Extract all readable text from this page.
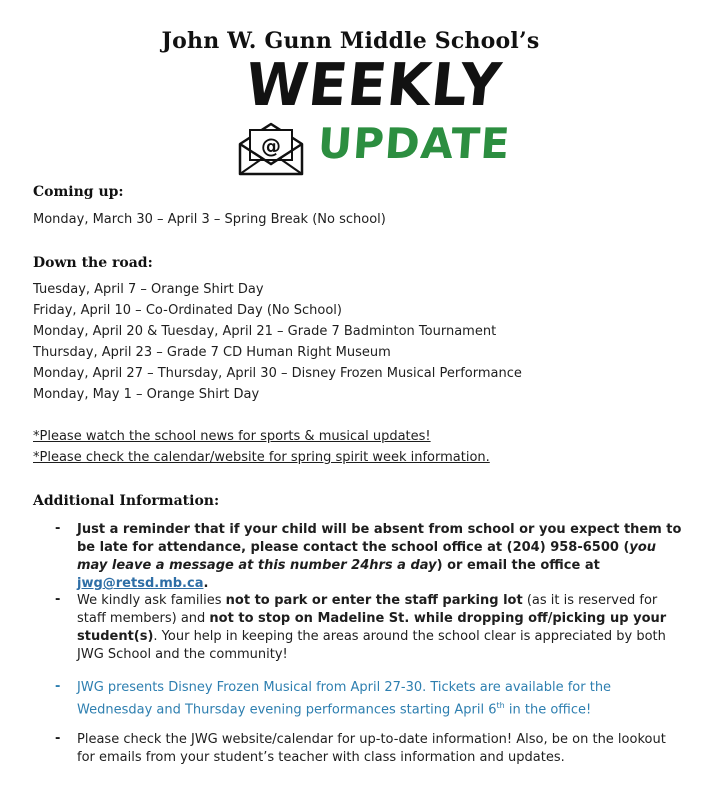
John W. Gunn Middle School’s
WEEKLY
@ UPDATE
Coming up:
Monday, March 30 – April 3 – Spring Break (No school)
Down the road:
Tuesday, April 7 – Orange Shirt Day
Friday, April 10 – Co-Ordinated Day (No School)
Monday, April 20 & Tuesday, April 21 – Grade 7 Badminton Tournament
Thursday, April 23 – Grade 7 CD Human Right Museum
Monday, April 27 – Thursday, April 30 – Disney Frozen Musical Performance
Monday, May 1 – Orange Shirt Day
*Please watch the school news for sports & musical updates!
*Please check the calendar/website for spring spirit week information.
Additional Information:
- Just a reminder that if your child will be absent from school or you expect them to be late for attendance, please contact the school office at (204) 958-6500 (you may leave a message at this number 24hrs a day) or email the office at jwg@retsd.mb.ca.
- We kindly ask families not to park or enter the staff parking lot (as it is reserved for staff members) and not to stop on Madeline St. while dropping off/picking up your student(s). Your help in keeping the areas around the school clear is appreciated by both JWG School and the community!
- JWG presents Disney Frozen Musical from April 27-30. Tickets are available for the Wednesday and Thursday evening performances starting April 6th in the office!
- Please check the JWG website/calendar for up-to-date information! Also, be on the lookout for emails from your student’s teacher with class information and updates.
